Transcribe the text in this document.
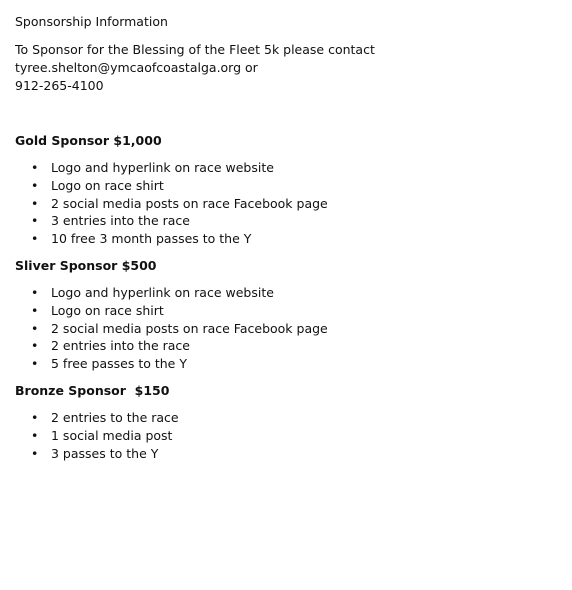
Sponsorship Information

To Sponsor for the Blessing of the Fleet 5k please contact tyree.shelton@ymcaofcoastalga.org or
912-265-4100

Gold Sponsor $1,000

• Logo and hyperlink on race website
• Logo on race shirt
• 2 social media posts on race Facebook page
• 3 entries into the race
• 10 free 3 month passes to the Y

Sliver Sponsor $500

• Logo and hyperlink on race website
• Logo on race shirt
• 2 social media posts on race Facebook page
• 2 entries into the race
• 5 free passes to the Y

Bronze Sponsor  $150

• 2 entries to the race
• 1 social media post
• 3 passes to the Y
